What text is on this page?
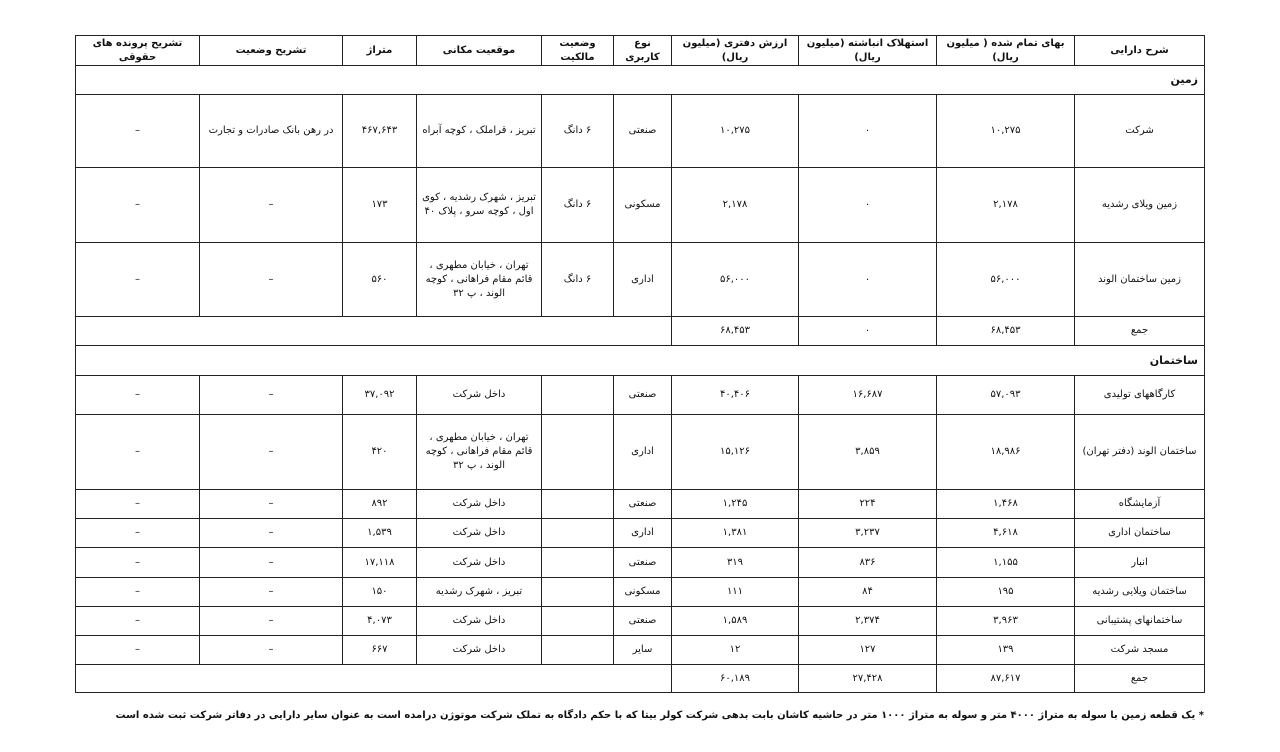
شرح دارایی	بهای تمام شده ( میلیون ریال)	استهلاک انباشته (میلیون ریال)	ارزش دفتری (میلیون ریال)	نوع کاربری	وضعیت مالکیت	موقعیت مکانی	متراژ	تشریح وضعیت	تشریح پرونده های حقوقی
زمین									
شرکت	۱۰,۲۷۵	۰	۱۰,۲۷۵	صنعتی	۶ دانگ	تبریز ، قراملک ، کوچه آبراه	۴۶۷,۶۴۳	در رهن بانک صادرات و تجارت	–
زمین ویلای رشدیه	۲,۱۷۸	۰	۲,۱۷۸	مسکونی	۶ دانگ	تبریز ، شهرک رشدیه ، کوی اول ، کوچه سرو ، پلاک ۴۰	۱۷۳	–	–
زمین ساختمان الوند	۵۶,۰۰۰	۰	۵۶,۰۰۰	اداری	۶ دانگ	تهران ، خیابان مطهری ، قائم مقام فراهانی ، کوچه الوند ، پ ۳۲	۵۶۰	–	–
جمع	۶۸,۴۵۳	۰	۶۸,۴۵۳						
ساختمان									
کارگاههای تولیدی	۵۷,۰۹۳	۱۶,۶۸۷	۴۰,۴۰۶	صنعتی		داخل شرکت	۳۷,۰۹۲	–	–
ساختمان الوند (دفتر تهران)	۱۸,۹۸۶	۳,۸۵۹	۱۵,۱۲۶	اداری		تهران ، خیابان مطهری ، قائم مقام فراهانی ، کوچه الوند ، پ ۳۲	۴۲۰	–	–
آزمایشگاه	۱,۴۶۸	۲۲۴	۱,۲۴۵	صنعتی		داخل شرکت	۸۹۲	–	–
ساختمان اداری	۴,۶۱۸	۳,۲۳۷	۱,۳۸۱	اداری		داخل شرکت	۱,۵۳۹	–	–
انبار	۱,۱۵۵	۸۳۶	۳۱۹	صنعتی		داخل شرکت	۱۷,۱۱۸	–	–
ساختمان ویلایی رشدیه	۱۹۵	۸۴	۱۱۱	مسکونی		تبریز ، شهرک رشدیه	۱۵۰	–	–
ساختمانهای پشتیبانی	۳,۹۶۳	۲,۳۷۴	۱,۵۸۹	صنعتی		داخل شرکت	۴,۰۷۳	–	–
مسجد شرکت	۱۳۹	۱۲۷	۱۲	سایر		داخل شرکت	۶۶۷	–	–
جمع	۸۷,۶۱۷	۲۷,۴۲۸	۶۰,۱۸۹						
* یک قطعه زمین با سوله به متراژ ۴۰۰۰ متر و سوله به متراژ ۱۰۰۰ متر در حاشیه کاشان بابت بدهی شرکت کولر بیتا که با حکم دادگاه به تملک شرکت موتوژن درامده است به عنوان سایر دارایی در دفاتر شرکت ثبت شده است
